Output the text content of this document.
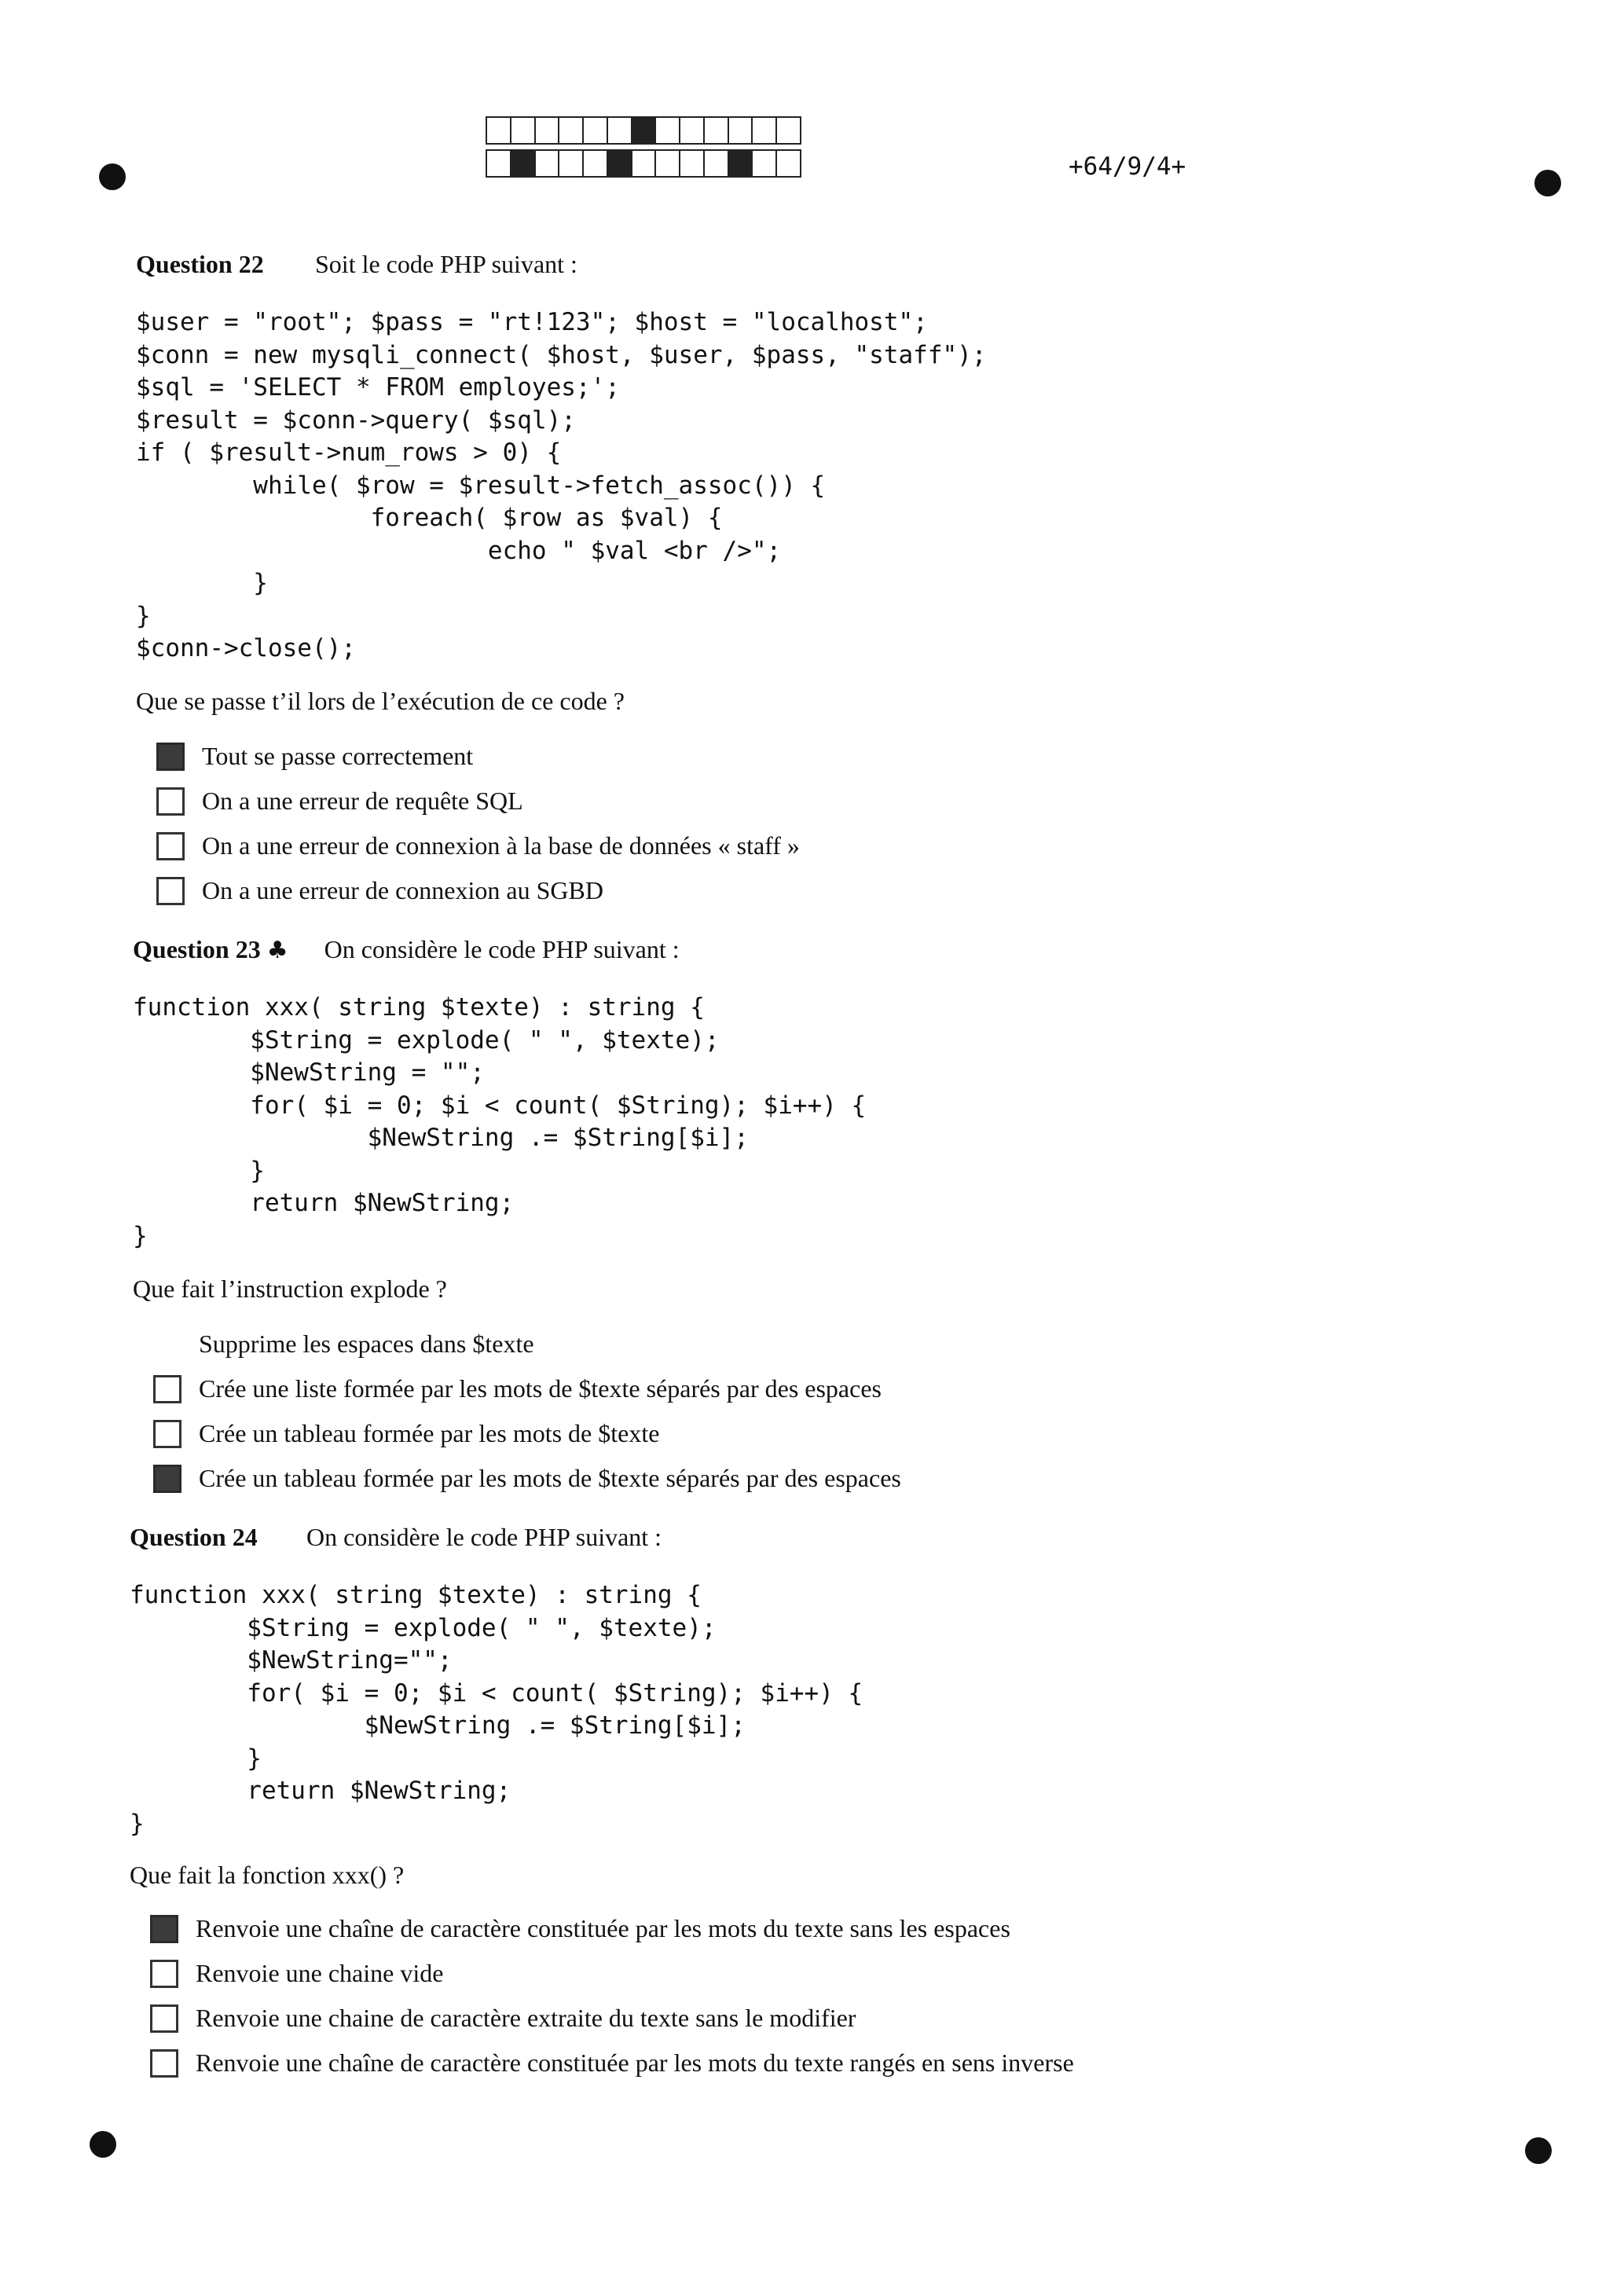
+64/9/4+
Question 22 Soit le code PHP suivant :
$user = "root"; $pass = "rt!123"; $host = "localhost";
$conn = new mysqli_connect( $host, $user, $pass, "staff");
$sql = 'SELECT * FROM employes;';
$result = $conn->query( $sql);
if ( $result->num_rows > 0) {
while( $row = $result->fetch_assoc()) {
foreach( $row as $val) {
echo " $val <br />";
}
}
$conn->close();
Que se passe t’il lors de l’exécution de ce code ?
Tout se passe correctement
On a une erreur de requête SQL
On a une erreur de connexion à la base de données « staff »
On a une erreur de connexion au SGBD
Question 23 ♣ On considère le code PHP suivant :
function xxx( string $texte) : string {
$String = explode( " ", $texte);
$NewString = "";
for( $i = 0; $i < count( $String); $i++) {
$NewString .= $String[$i];
}
return $NewString;
}
Que fait l’instruction explode ?
Supprime les espaces dans $texte
Crée une liste formée par les mots de $texte séparés par des espaces
Crée un tableau formée par les mots de $texte
Crée un tableau formée par les mots de $texte séparés par des espaces
Question 24 On considère le code PHP suivant :
function xxx( string $texte) : string {
$String = explode( " ", $texte);
$NewString="";
for( $i = 0; $i < count( $String); $i++) {
$NewString .= $String[$i];
}
return $NewString;
}
Que fait la fonction xxx() ?
Renvoie une chaîne de caractère constituée par les mots du texte sans les espaces
Renvoie une chaine vide
Renvoie une chaine de caractère extraite du texte sans le modifier
Renvoie une chaîne de caractère constituée par les mots du texte rangés en sens inverse
